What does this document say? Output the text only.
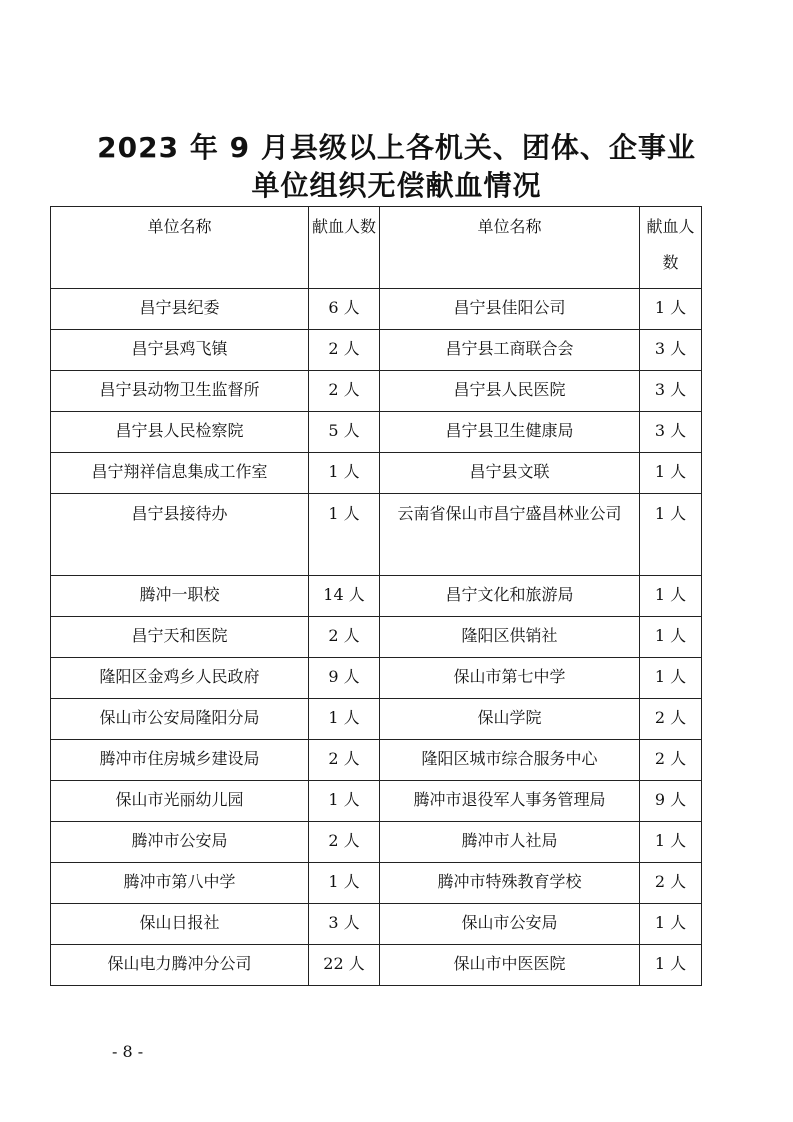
2023 年 9 月县级以上各机关、团体、企事业
单位组织无偿献血情况
单位名称	献血人数	单位名称	献血人数
昌宁县纪委	6 人	昌宁县佳阳公司	1 人
昌宁县鸡飞镇	2 人	昌宁县工商联合会	3 人
昌宁县动物卫生监督所	2 人	昌宁县人民医院	3 人
昌宁县人民检察院	5 人	昌宁县卫生健康局	3 人
昌宁翔祥信息集成工作室	1 人	昌宁县文联	1 人
昌宁县接待办	1 人	云南省保山市昌宁盛昌林业公司	1 人
腾冲一职校	14 人	昌宁文化和旅游局	1 人
昌宁天和医院	2 人	隆阳区供销社	1 人
隆阳区金鸡乡人民政府	9 人	保山市第七中学	1 人
保山市公安局隆阳分局	1 人	保山学院	2 人
腾冲市住房城乡建设局	2 人	隆阳区城市综合服务中心	2 人
保山市光丽幼儿园	1 人	腾冲市退役军人事务管理局	9 人
腾冲市公安局	2 人	腾冲市人社局	1 人
腾冲市第八中学	1 人	腾冲市特殊教育学校	2 人
保山日报社	3 人	保山市公安局	1 人
保山电力腾冲分公司	22 人	保山市中医医院	1 人
- 8 -
